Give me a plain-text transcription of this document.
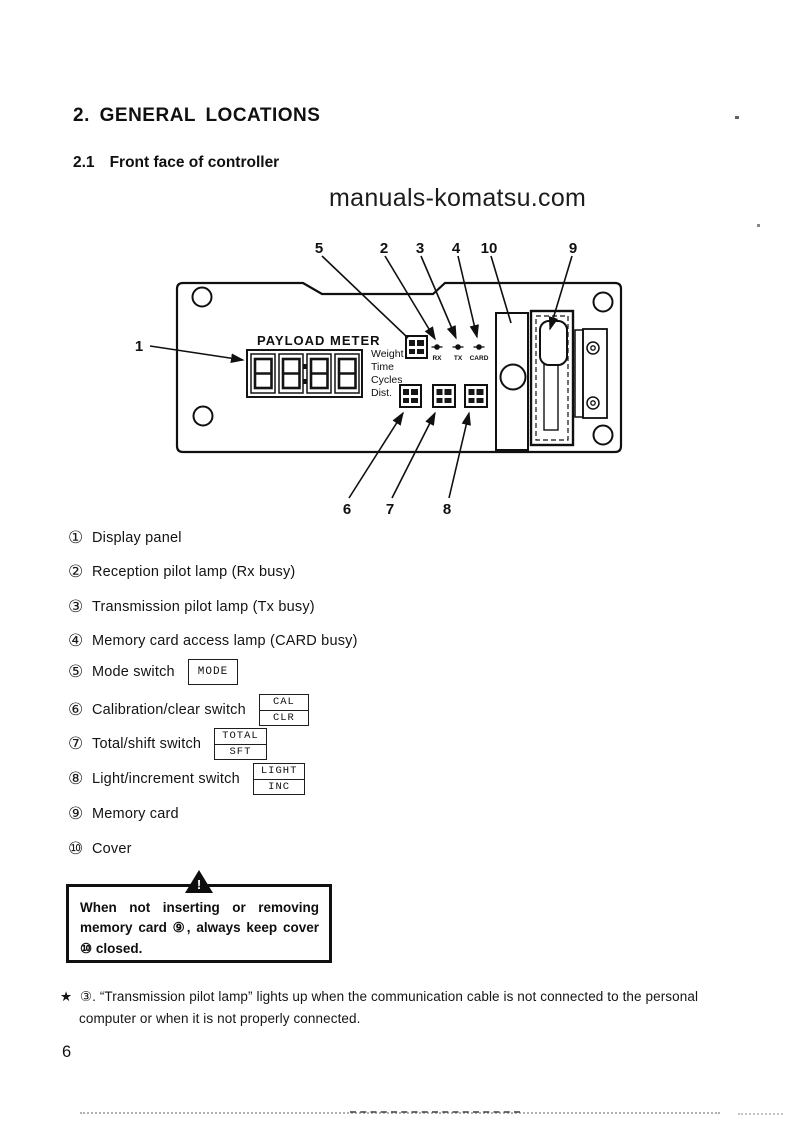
2. GENERAL LOCATIONS
2.1 Front face of controller
manuals-komatsu.com
PAYLOAD METER
Weight
Time
Cycles
Dist.
RX TX CARD
1
5	2 3 4 10	9
6 7	8
① Display panel
② Reception pilot lamp (Rx busy)
③ Transmission pilot lamp (Tx busy)
④ Memory card access lamp (CARD busy)
⑤ Mode switch MODE
⑥ Calibration/clear switch	CAL
CLR
⑦ Total/shift switch	TOTAL
SFT
⑧ Light/increment switch	LIGHT
INC
⑨ Memory card
⑩ Cover
!
When not inserting or removing memory card ⑨, always keep cover ⑩ closed.
★ ③. “Transmission pilot lamp” lights up when the communication cable is not connected to the personal computer or when it is not properly connected.
6
